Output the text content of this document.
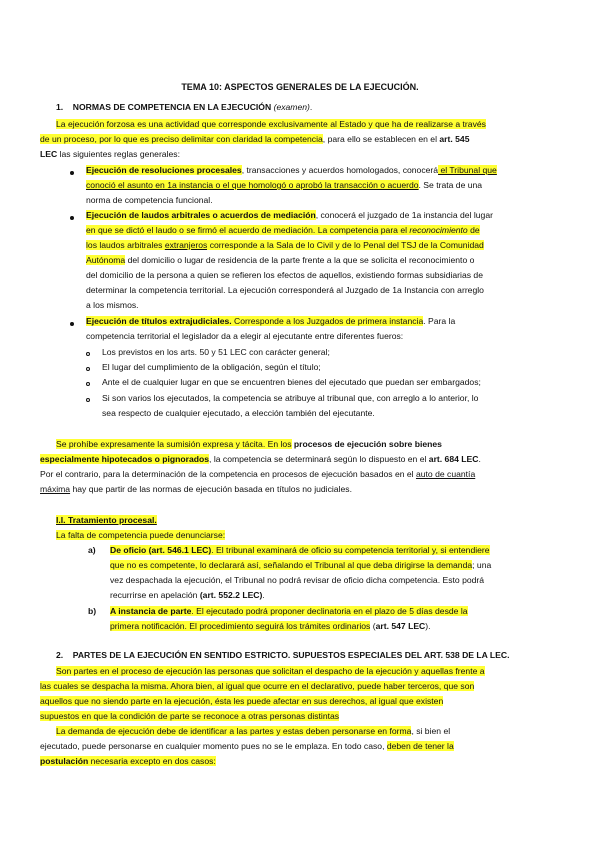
TEMA 10: ASPECTOS GENERALES DE LA EJECUCIÓN.
1. NORMAS DE COMPETENCIA EN LA EJECUCIÓN (examen).
La ejecución forzosa es una actividad que corresponde exclusivamente al Estado y que ha de realizarse a través
de un proceso, por lo que es preciso delimitar con claridad la competencia, para ello se establecen en el art. 545
LEC las siguientes reglas generales:
Ejecución de resoluciones procesales, transacciones y acuerdos homologados, conocerá el Tribunal que
conoció el asunto en 1a instancia o el que homologó o aprobó la transacción o acuerdo. Se trata de una
norma de competencia funcional.
Ejecución de laudos arbitrales o acuerdos de mediación, conocerá el juzgado de 1a instancia del lugar
en que se dictó el laudo o se firmó el acuerdo de mediación. La competencia para el reconocimiento de
los laudos arbitrales extranjeros corresponde a la Sala de lo Civil y de lo Penal del TSJ de la Comunidad
Autónoma del domicilio o lugar de residencia de la parte frente a la que se solicita el reconocimiento o
del domicilio de la persona a quien se refieren los efectos de aquellos, existiendo formas subsidiarias de
determinar la competencia territorial. La ejecución corresponderá al Juzgado de 1a Instancia con arreglo
a los mismos.
Ejecución de títulos extrajudiciales. Corresponde a los Juzgados de primera instancia. Para la
competencia territorial el legislador da a elegir al ejecutante entre diferentes fueros:
Los previstos en los arts. 50 y 51 LEC con carácter general;
El lugar del cumplimiento de la obligación, según el título;
Ante el de cualquier lugar en que se encuentren bienes del ejecutado que puedan ser embargados;
Si son varios los ejecutados, la competencia se atribuye al tribunal que, con arreglo a lo anterior, lo
sea respecto de cualquier ejecutado, a elección también del ejecutante.
Se prohíbe expresamente la sumisión expresa y tácita. En los procesos de ejecución sobre bienes
especialmente hipotecados o pignorados, la competencia se determinará según lo dispuesto en el art. 684 LEC.
Por el contrario, para la determinación de la competencia en procesos de ejecución basados en el auto de cuantía
máxima hay que partir de las normas de ejecución basada en títulos no judiciales.
I.I. Tratamiento procesal.
La falta de competencia puede denunciarse:
a) De oficio (art. 546.1 LEC). El tribunal examinará de oficio su competencia territorial y, si entendiere
que no es competente, lo declarará así, señalando el Tribunal al que deba dirigirse la demanda; una
vez despachada la ejecución, el Tribunal no podrá revisar de oficio dicha competencia. Esto podrá
recurrirse en apelación (art. 552.2 LEC).
b) A instancia de parte. El ejecutado podrá proponer declinatoria en el plazo de 5 días desde la
primera notificación. El procedimiento seguirá los trámites ordinarios (art. 547 LEC).
2. PARTES DE LA EJECUCIÓN EN SENTIDO ESTRICTO. SUPUESTOS ESPECIALES DEL ART. 538 DE LA LEC.
Son partes en el proceso de ejecución las personas que solicitan el despacho de la ejecución y aquellas frente a
las cuales se despacha la misma. Ahora bien, al igual que ocurre en el declarativo, puede haber terceros, que son
aquellos que no siendo parte en la ejecución, ésta les puede afectar en sus derechos, al igual que existen
supuestos en que la condición de parte se reconoce a otras personas distintas
La demanda de ejecución debe de identificar a las partes y estas deben personarse en forma, si bien el
ejecutado, puede personarse en cualquier momento pues no se le emplaza. En todo caso, deben de tener la
postulación necesaria excepto en dos casos:
